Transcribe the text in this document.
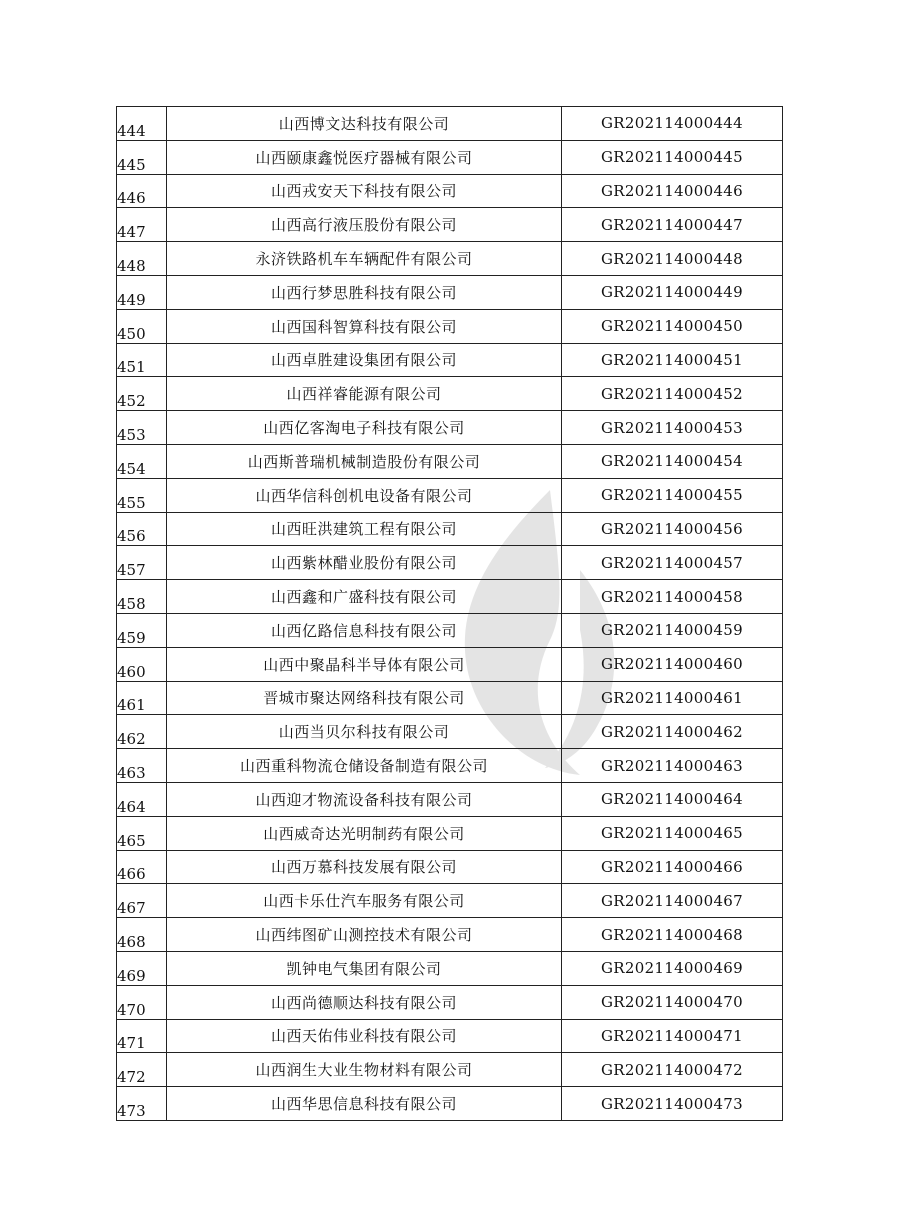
444	山西博文达科技有限公司	GR202114000444
445	山西颐康鑫悦医疗器械有限公司	GR202114000445
446	山西戎安天下科技有限公司	GR202114000446
447	山西高行液压股份有限公司	GR202114000447
448	永济铁路机车车辆配件有限公司	GR202114000448
449	山西行梦思胜科技有限公司	GR202114000449
450	山西国科智算科技有限公司	GR202114000450
451	山西卓胜建设集团有限公司	GR202114000451
452	山西祥睿能源有限公司	GR202114000452
453	山西亿客淘电子科技有限公司	GR202114000453
454	山西斯普瑞机械制造股份有限公司	GR202114000454
455	山西华信科创机电设备有限公司	GR202114000455
456	山西旺洪建筑工程有限公司	GR202114000456
457	山西紫林醋业股份有限公司	GR202114000457
458	山西鑫和广盛科技有限公司	GR202114000458
459	山西亿路信息科技有限公司	GR202114000459
460	山西中聚晶科半导体有限公司	GR202114000460
461	晋城市聚达网络科技有限公司	GR202114000461
462	山西当贝尔科技有限公司	GR202114000462
463	山西重科物流仓储设备制造有限公司	GR202114000463
464	山西迎才物流设备科技有限公司	GR202114000464
465	山西威奇达光明制药有限公司	GR202114000465
466	山西万慕科技发展有限公司	GR202114000466
467	山西卡乐仕汽车服务有限公司	GR202114000467
468	山西纬图矿山测控技术有限公司	GR202114000468
469	凯钟电气集团有限公司	GR202114000469
470	山西尚德顺达科技有限公司	GR202114000470
471	山西天佑伟业科技有限公司	GR202114000471
472	山西润生大业生物材料有限公司	GR202114000472
473	山西华思信息科技有限公司	GR202114000473
